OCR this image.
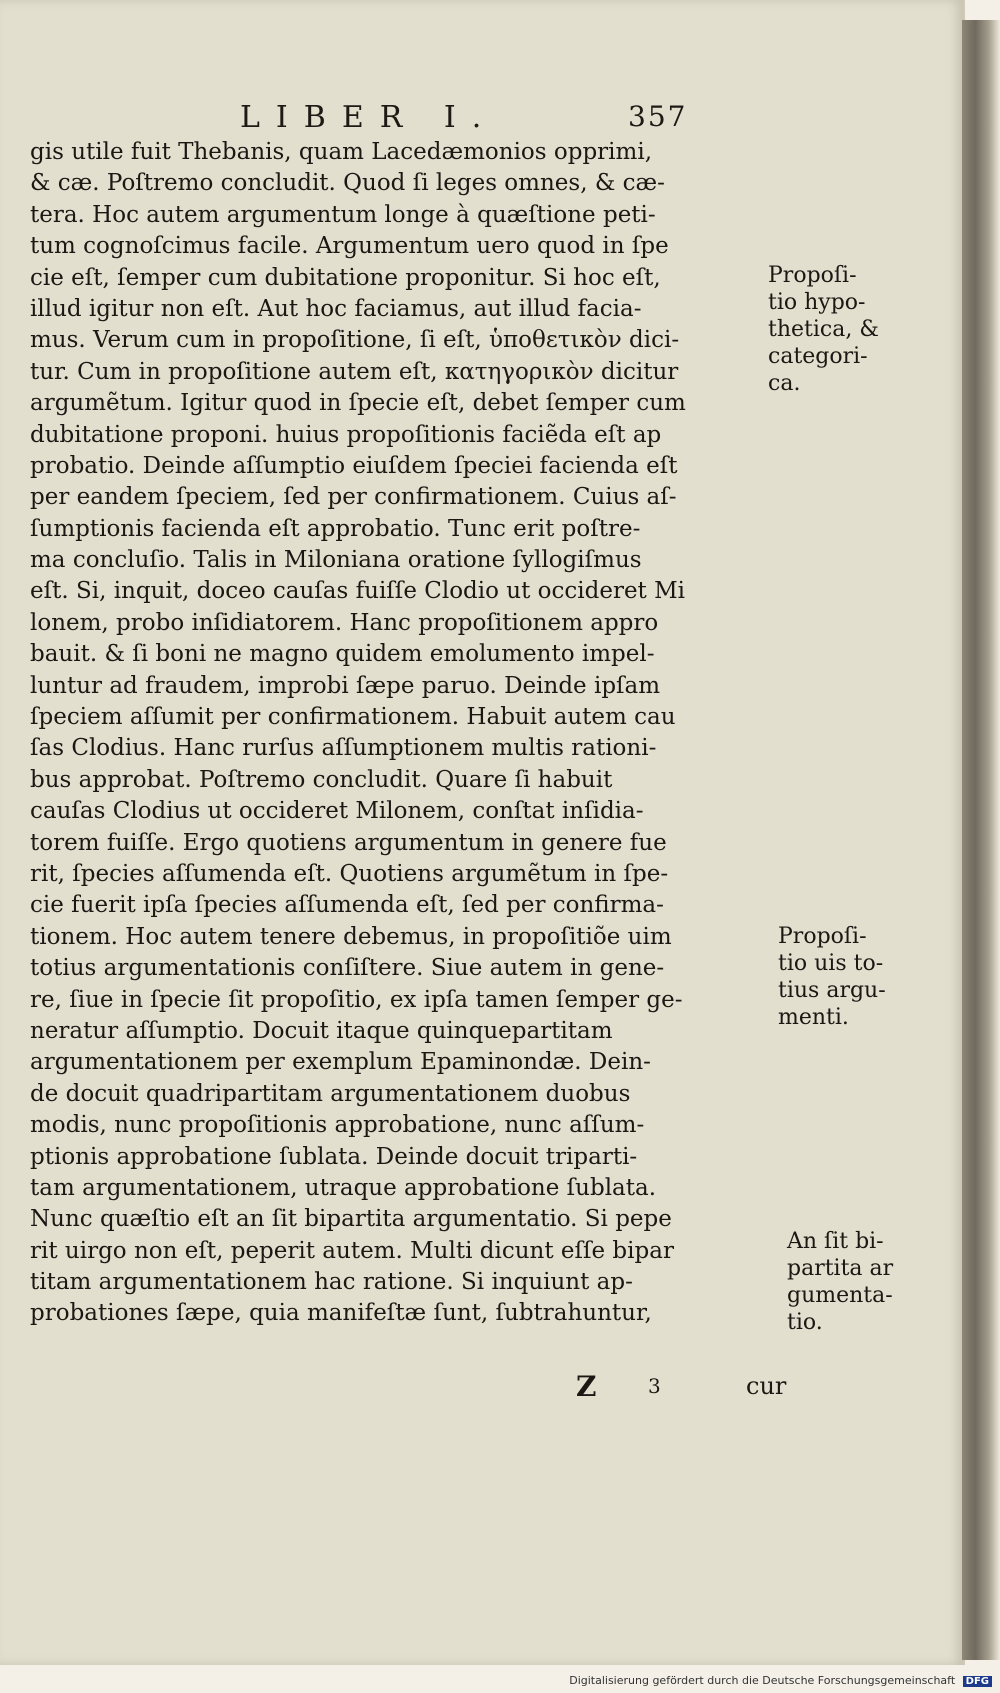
LIBER I.	357
gis utile fuit Thebanis, quam Lacedæmonios opprimi,
& cæ. Poſtremo concludit. Quod ſi leges omnes, & cæ-
tera. Hoc autem argumentum longe à quæſtione peti-
tum cognoſcimus facile. Argumentum uero quod in ſpe
cie eſt, ſemper cum dubitatione proponitur. Si hoc eſt,
illud igitur non eſt. Aut hoc faciamus, aut illud facia-
mus. Verum cum in propoſitione, ſi eſt, ὑποθετικὸν dici-
tur. Cum in propoſitione autem eſt, κατηγορικὸν dicitur
argumẽtum. Igitur quod in ſpecie eſt, debet ſemper cum
dubitatione proponi. huius propoſitionis faciẽda eſt ap
probatio. Deinde aſſumptio eiuſdem ſpeciei facienda eſt
per eandem ſpeciem, ſed per confirmationem. Cuius aſ-
ſumptionis facienda eſt approbatio. Tunc erit poſtre-
ma concluſio. Talis in Miloniana oratione ſyllogiſmus
eſt. Si, inquit, doceo cauſas fuiſſe Clodio ut occideret Mi
lonem, probo inſidiatorem. Hanc propoſitionem appro
bauit. & ſi boni ne magno quidem emolumento impel-
luntur ad fraudem, improbi ſæpe paruo. Deinde ipſam
ſpeciem aſſumit per confirmationem. Habuit autem cau
ſas Clodius. Hanc rurſus aſſumptionem multis rationi-
bus approbat. Poſtremo concludit. Quare ſi habuit
cauſas Clodius ut occideret Milonem, conſtat inſidia-
torem fuiſſe. Ergo quotiens argumentum in genere fue
rit, ſpecies aſſumenda eſt. Quotiens argumẽtum in ſpe-
cie fuerit ipſa ſpecies aſſumenda eſt, ſed per confirma-
tionem. Hoc autem tenere debemus, in propoſitiõe uim
totius argumentationis conſiſtere. Siue autem in gene-
re, ſiue in ſpecie ſit propoſitio, ex ipſa tamen ſemper ge-
neratur aſſumptio. Docuit itaque quinquepartitam
argumentationem per exemplum Epaminondæ. Dein-
de docuit quadripartitam argumentationem duobus
modis, nunc propoſitionis approbatione, nunc aſſum-
ptionis approbatione ſublata. Deinde docuit triparti-
tam argumentationem, utraque approbatione ſublata.
Nunc quæſtio eſt an ſit bipartita argumentatio. Si pepe
rit uirgo non eſt, peperit autem. Multi dicunt eſſe bipar
titam argumentationem hac ratione. Si inquiunt ap-
probationes ſæpe, quia manifeſtæ ſunt, ſubtrahuntur,
Propoſi-
tio hypo-
thetica, &
categori-
ca.
Propoſi-
tio uis to-
tius argu-
menti.
An ſit bi-
partita ar
gumenta-
tio.
Z	3	cur
Digitalisierung gefördert durch die Deutsche Forschungsgemeinschaft DFG
